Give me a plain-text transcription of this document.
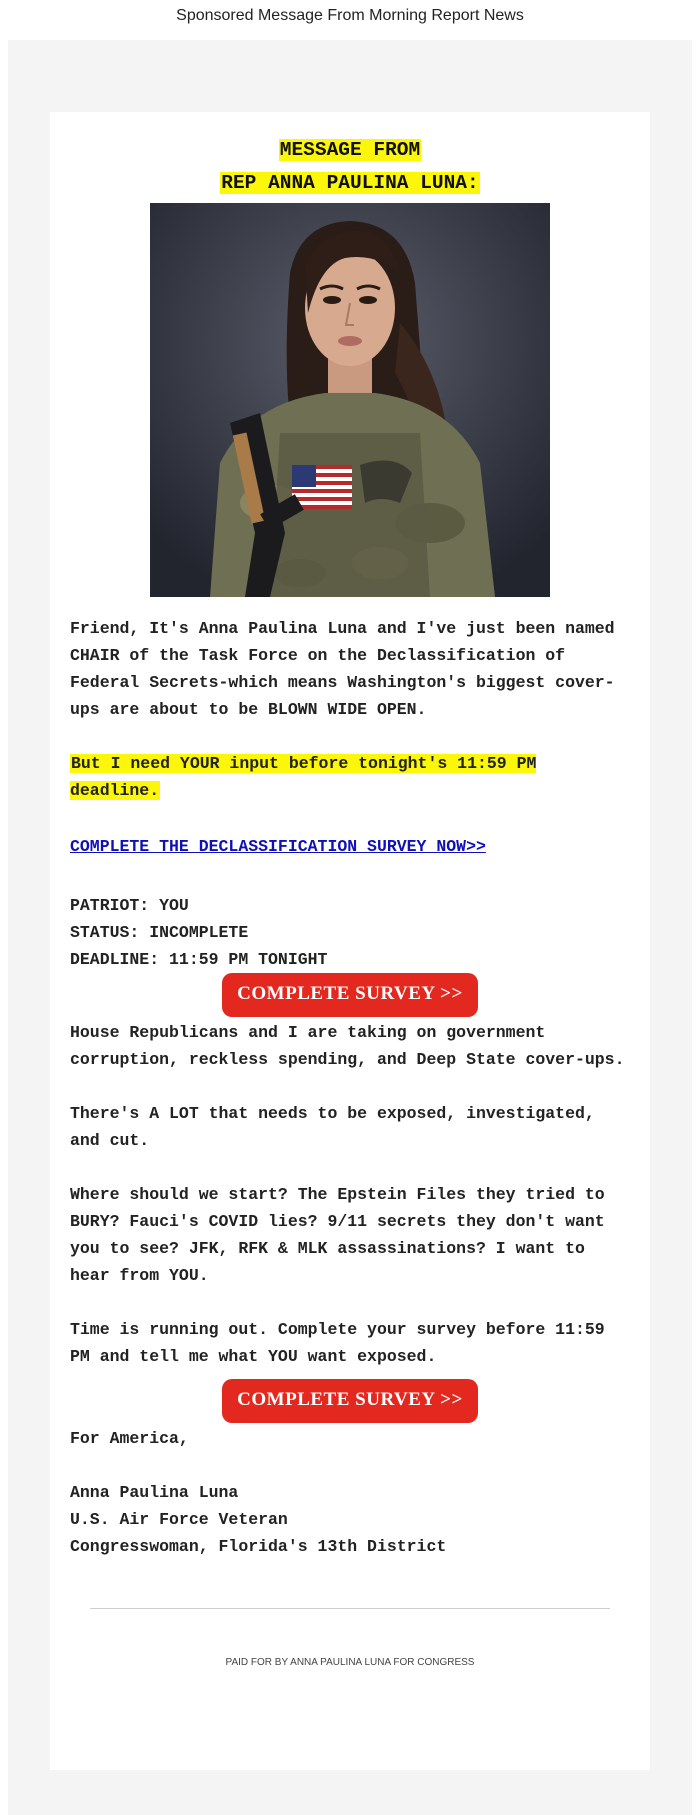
Sponsored Message From Morning Report News
MESSAGE FROM
REP ANNA PAULINA LUNA:

Friend, It's Anna Paulina Luna and I've just been named CHAIR of the Task Force on the Declassification of Federal Secrets-which means Washington's biggest cover-ups are about to be BLOWN WIDE OPEN.

But I need YOUR input before tonight's 11:59 PM deadline.

COMPLETE THE DECLASSIFICATION SURVEY NOW>>

PATRIOT: YOU

STATUS: INCOMPLETE

DEADLINE: 11:59 PM TONIGHT

COMPLETE SURVEY >>

House Republicans and I are taking on government corruption, reckless spending, and Deep State cover-ups.

There's A LOT that needs to be exposed, investigated, and cut.

Where should we start? The Epstein Files they tried to BURY? Fauci's COVID lies? 9/11 secrets they don't want you to see? JFK, RFK & MLK assassinations? I want to hear from YOU.

Time is running out. Complete your survey before 11:59 PM and tell me what YOU want exposed.

COMPLETE SURVEY >>

For America,

Anna Paulina Luna

U.S. Air Force Veteran

Congresswoman, Florida's 13th District

PAID FOR BY ANNA PAULINA LUNA FOR CONGRESS
